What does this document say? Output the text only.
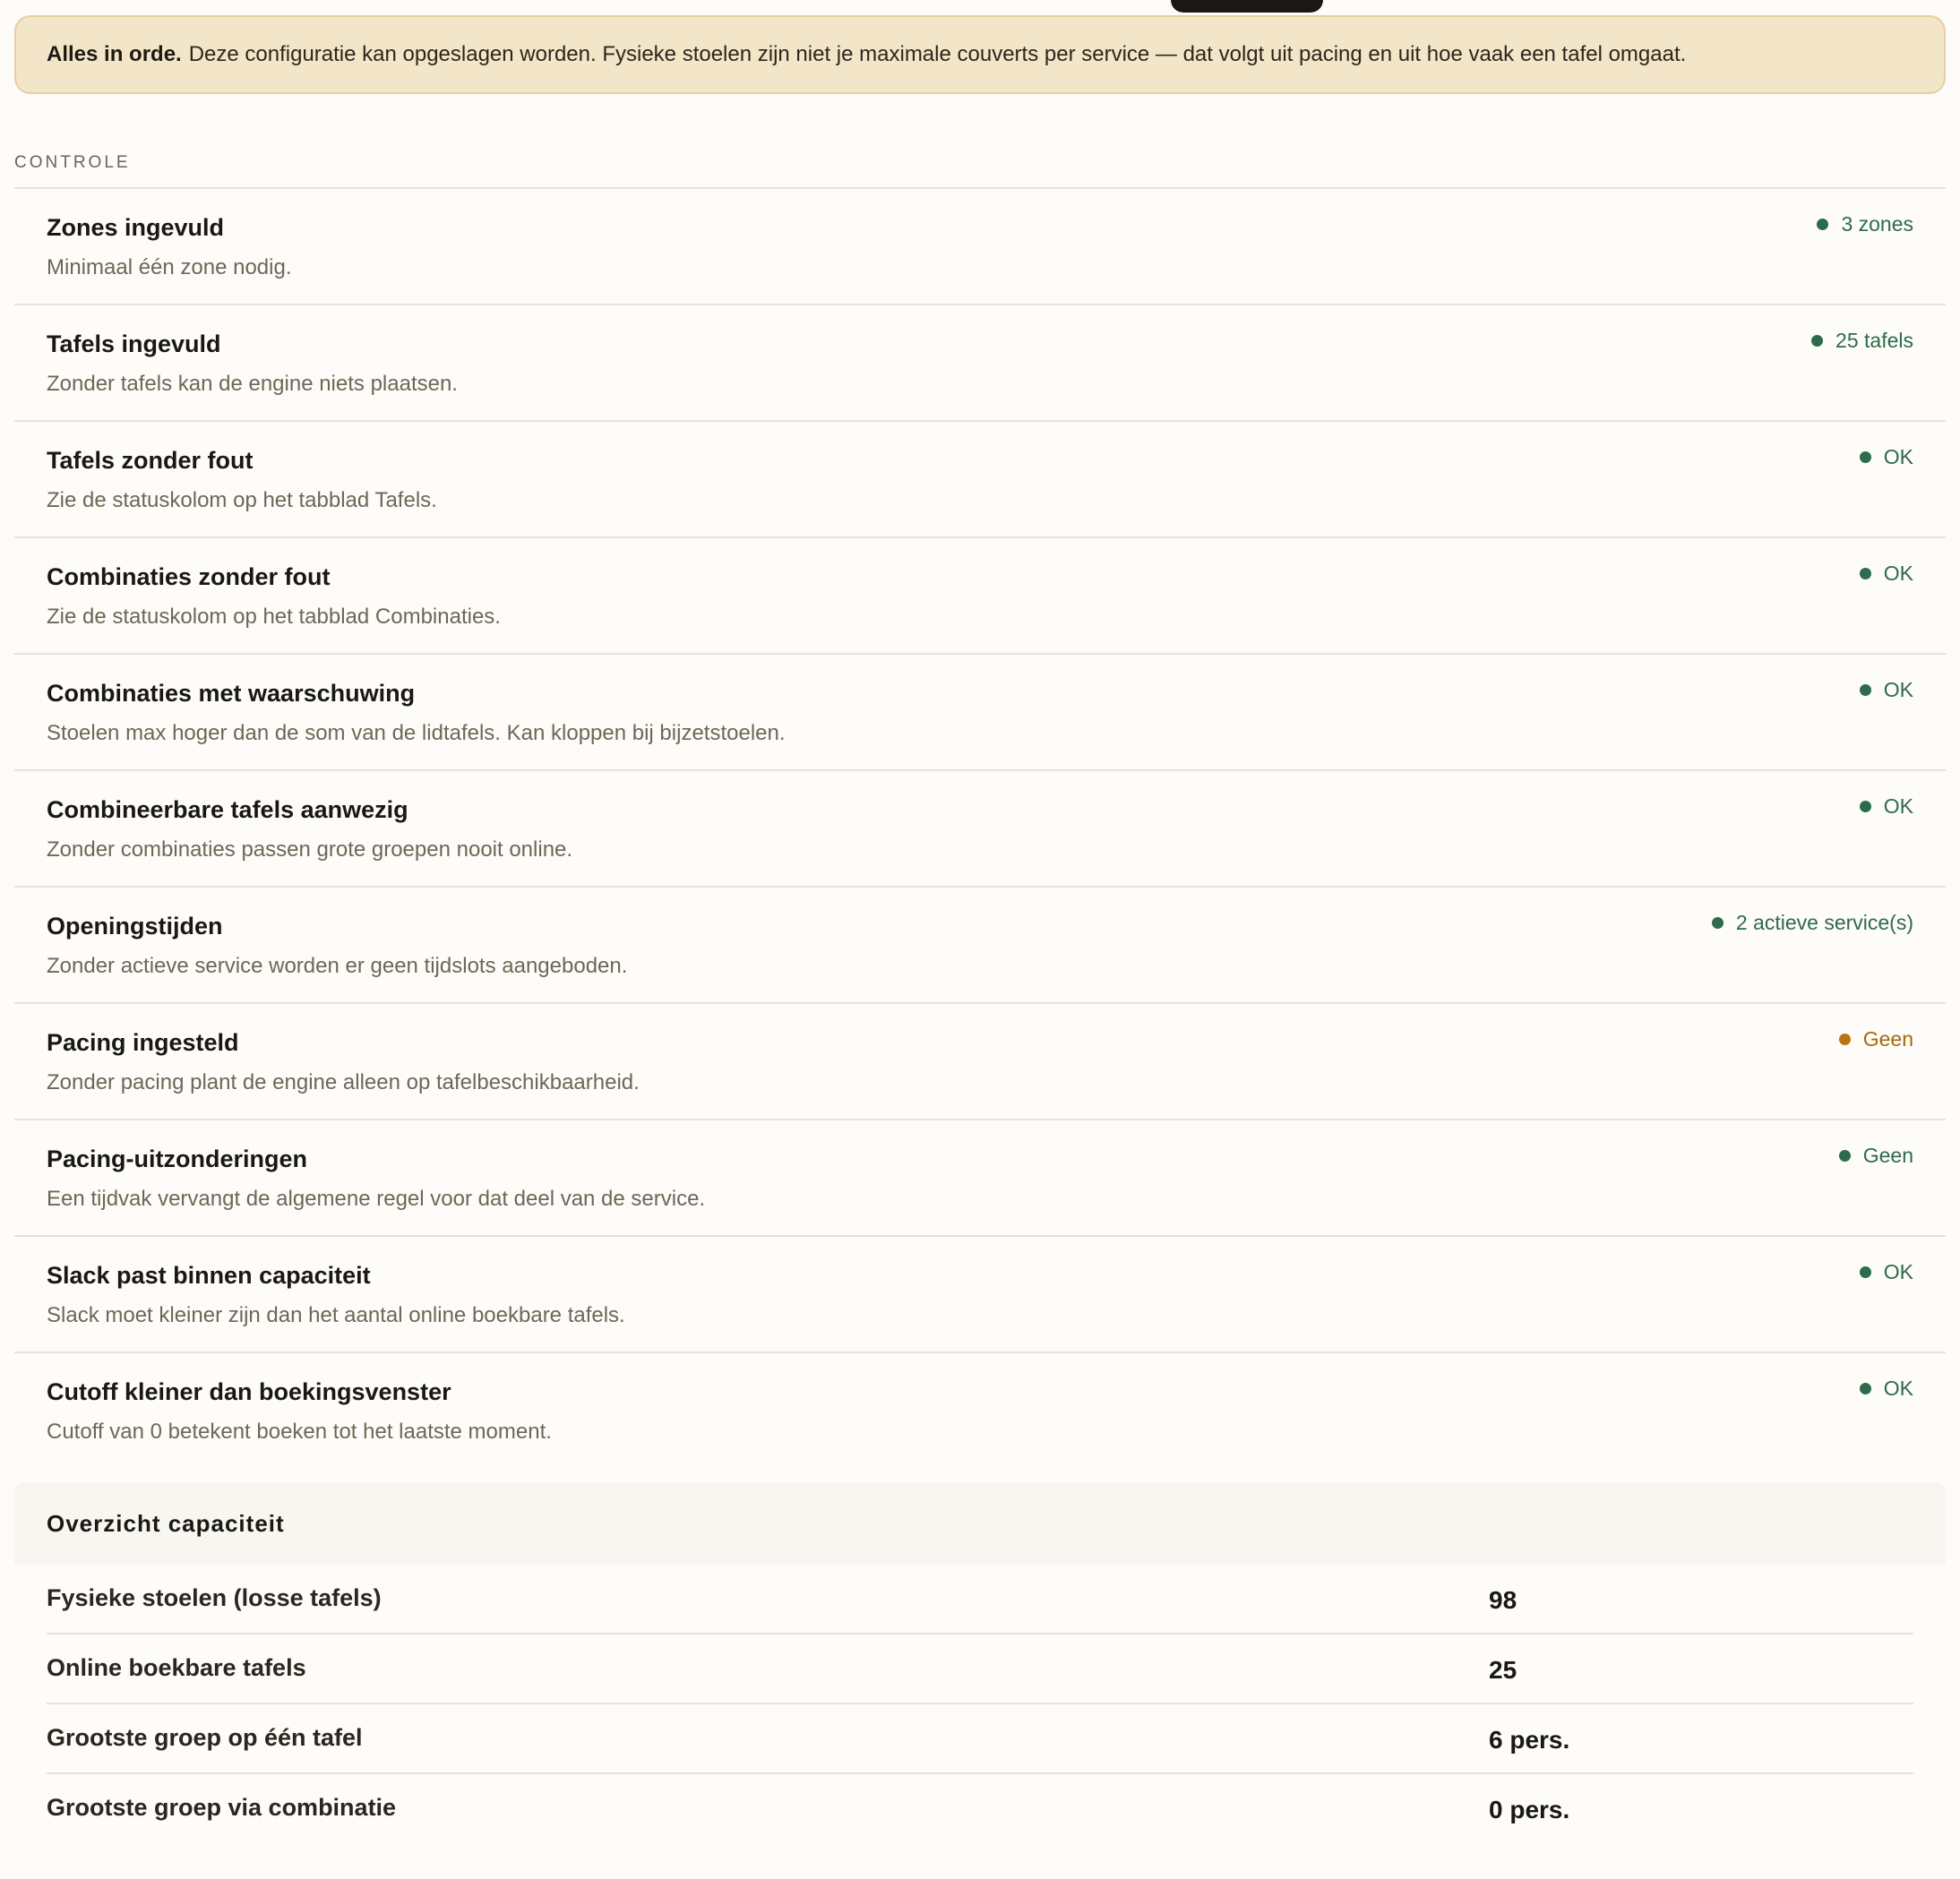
Alles in orde. Deze configuratie kan opgeslagen worden. Fysieke stoelen zijn niet je maximale couverts per service — dat volgt uit pacing en uit hoe vaak een tafel omgaat.
CONTROLE
Zones ingevuld
Minimaal één zone nodig.
3 zones
Tafels ingevuld
Zonder tafels kan de engine niets plaatsen.
25 tafels
Tafels zonder fout
Zie de statuskolom op het tabblad Tafels.
OK
Combinaties zonder fout
Zie de statuskolom op het tabblad Combinaties.
OK
Combinaties met waarschuwing
Stoelen max hoger dan de som van de lidtafels. Kan kloppen bij bijzetstoelen.
OK
Combineerbare tafels aanwezig
Zonder combinaties passen grote groepen nooit online.
OK
Openingstijden
Zonder actieve service worden er geen tijdslots aangeboden.
2 actieve service(s)
Pacing ingesteld
Zonder pacing plant de engine alleen op tafelbeschikbaarheid.
Geen
Pacing-uitzonderingen
Een tijdvak vervangt de algemene regel voor dat deel van de service.
Geen
Slack past binnen capaciteit
Slack moet kleiner zijn dan het aantal online boekbare tafels.
OK
Cutoff kleiner dan boekingsvenster
Cutoff van 0 betekent boeken tot het laatste moment.
OK
Overzicht capaciteit
Fysieke stoelen (losse tafels)	98
Online boekbare tafels	25
Grootste groep op één tafel	6 pers.
Grootste groep via combinatie	0 pers.
